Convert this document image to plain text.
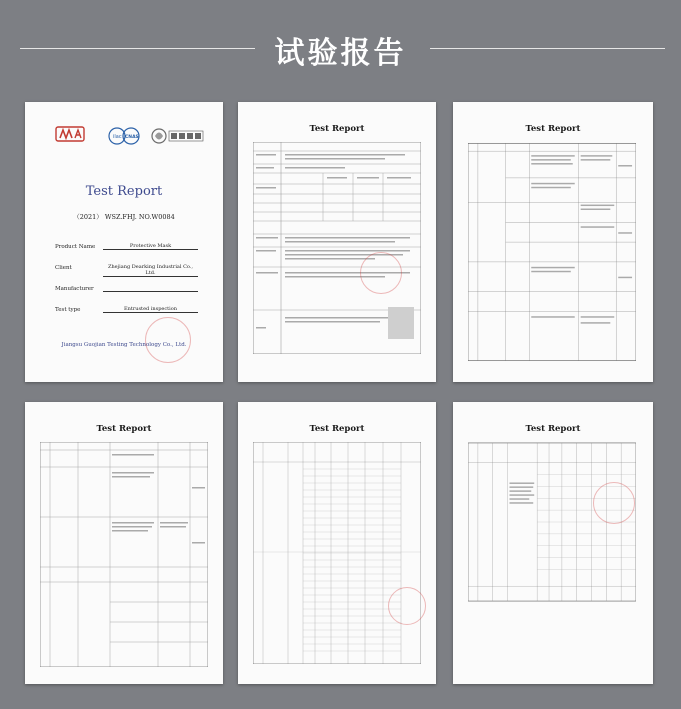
试验报告
ilac CNAS
Test Report
（2021） WSZ.FHJ. NO.W0084
Product Name	Protective Mask
Client	Zhejiang Dearking Industrial Co., Ltd.
Manufacturer
Test type	Entrusted inspection
Jiangsu Guojian Testing Technology Co., Ltd.
Test Report	Test Report
Test Report	Test Report	Test Report
